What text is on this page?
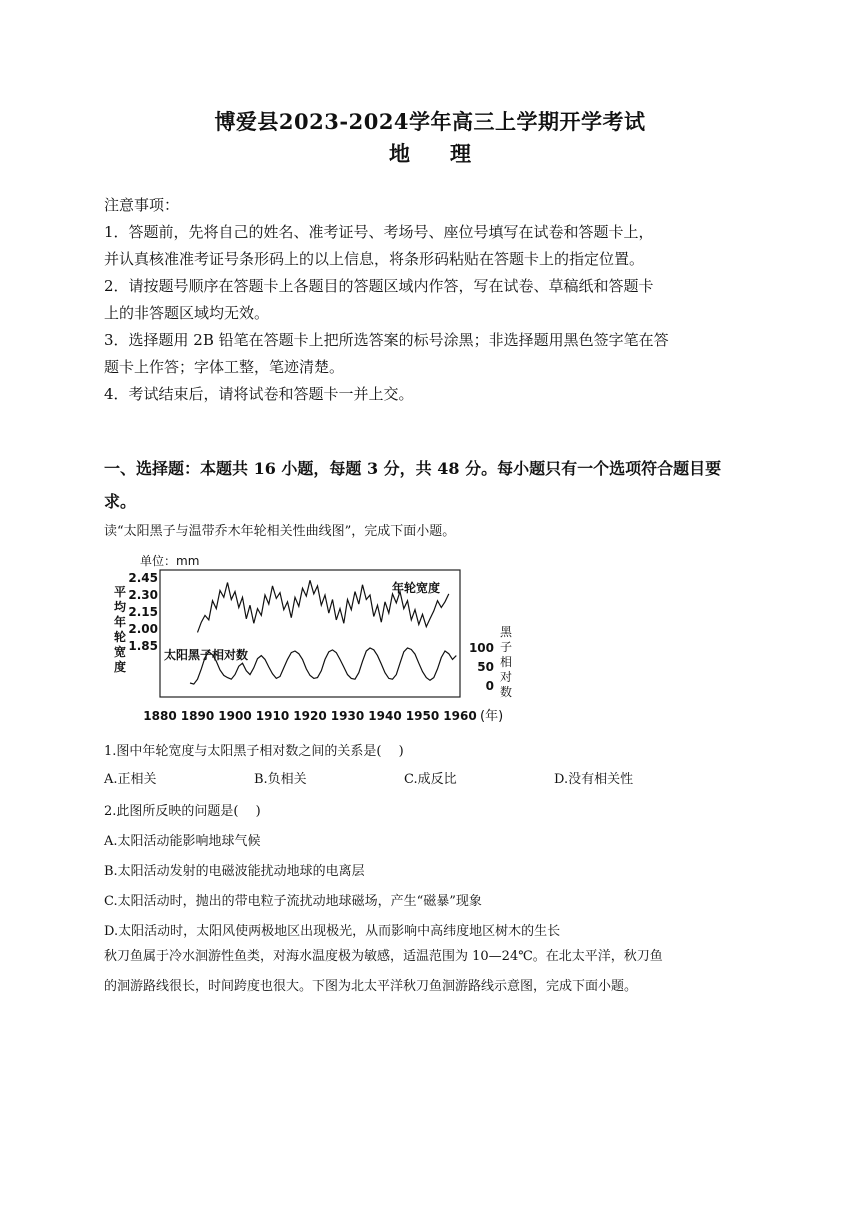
博爱县2023-2024学年高三上学期开学考试
地 理

注意事项：

1．答题前，先将自己的姓名、准考证号、考场号、座位号填写在试卷和答题卡上，

并认真核准准考证号条形码上的以上信息，将条形码粘贴在答题卡上的指定位置。

2．请按题号顺序在答题卡上各题目的答题区域内作答，写在试卷、草稿纸和答题卡

上的非答题区域均无效。

3．选择题用 2B 铅笔在答题卡上把所选答案的标号涂黑；非选择题用黑色签字笔在答

题卡上作答；字体工整，笔迹清楚。

4．考试结束后，请将试卷和答题卡一并上交。

一、选择题：本题共 16 小题，每题 3 分，共 48 分。每小题只有一个选项符合题目要
求。
读“太阳黑子与温带乔木年轮相关性曲线图”，完成下面小题。
单位：mm
平均年轮宽度
黑子相对数
2.45
2.30
2.15
2.00
1.85	100
50
0
1880 1890 1900 1910 1920 1930 1940 1950 1960
年轮宽度
太阳黑子相对数
(年)
1.图中年轮宽度与太阳黑子相对数之间的关系是(　 )
A.正相关	B.负相关	C.成反比	D.没有相关性
2.此图所反映的问题是(　 )
A.太阳活动能影响地球气候
B.太阳活动发射的电磁波能扰动地球的电离层
C.太阳活动时，抛出的带电粒子流扰动地球磁场，产生“磁暴”现象
D.太阳活动时，太阳风使两极地区出现极光，从而影响中高纬度地区树木的生长

秋刀鱼属于冷水洄游性鱼类，对海水温度极为敏感，适温范围为 10—24℃。在北太平洋，秋刀鱼

的洄游路线很长，时间跨度也很大。下图为北太平洋秋刀鱼洄游路线示意图，完成下面小题。
